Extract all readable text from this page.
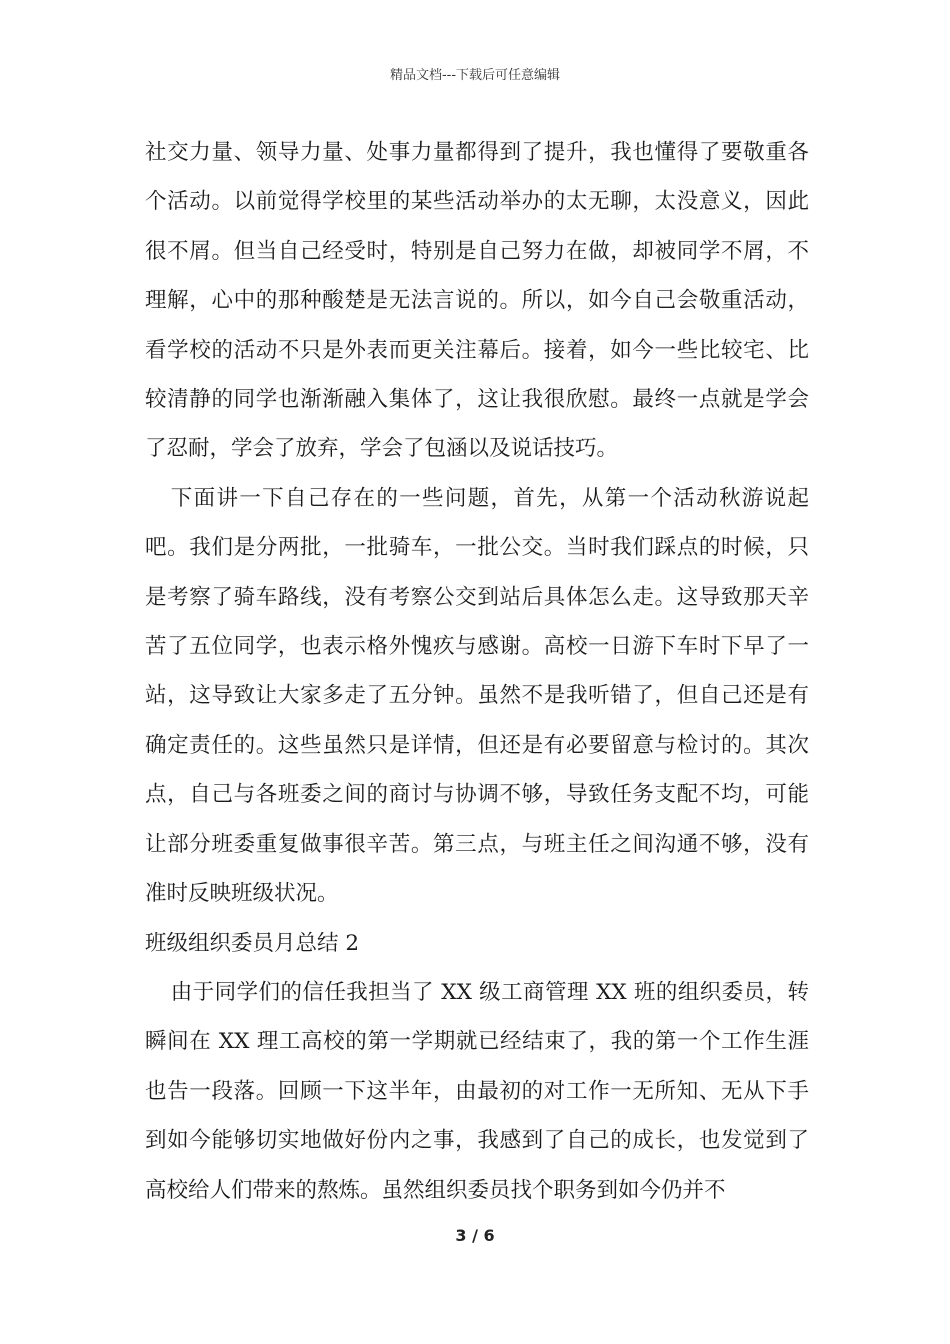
精品文档---下载后可任意编辑

社交力量、领导力量、处事力量都得到了提升，我也懂得了要敬重各个活动。以前觉得学校里的某些活动举办的太无聊，太没意义，因此很不屑。但当自己经受时，特别是自己努力在做，却被同学不屑，不理解，心中的那种酸楚是无法言说的。所以，如今自己会敬重活动，看学校的活动不只是外表而更关注幕后。接着，如今一些比较宅、比较清静的同学也渐渐融入集体了，这让我很欣慰。最终一点就是学会了忍耐，学会了放弃，学会了包涵以及说话技巧。

下面讲一下自己存在的一些问题，首先，从第一个活动秋游说起吧。我们是分两批，一批骑车，一批公交。当时我们踩点的时候，只是考察了骑车路线，没有考察公交到站后具体怎么走。这导致那天辛苦了五位同学，也表示格外愧疚与感谢。高校一日游下车时下早了一站，这导致让大家多走了五分钟。虽然不是我听错了，但自己还是有确定责任的。这些虽然只是详情，但还是有必要留意与检讨的。其次点，自己与各班委之间的商讨与协调不够，导致任务支配不均，可能让部分班委重复做事很辛苦。第三点，与班主任之间沟通不够，没有准时反映班级状况。

班级组织委员月总结 2

由于同学们的信任我担当了 XX 级工商管理 XX 班的组织委员，转瞬间在 XX 理工高校的第一学期就已经结束了，我的第一个工作生涯也告一段落。回顾一下这半年，由最初的对工作一无所知、无从下手到如今能够切实地做好份内之事，我感到了自己的成长，也发觉到了高校给人们带来的熬炼。虽然组织委员找个职务到如今仍并不

3 / 6
